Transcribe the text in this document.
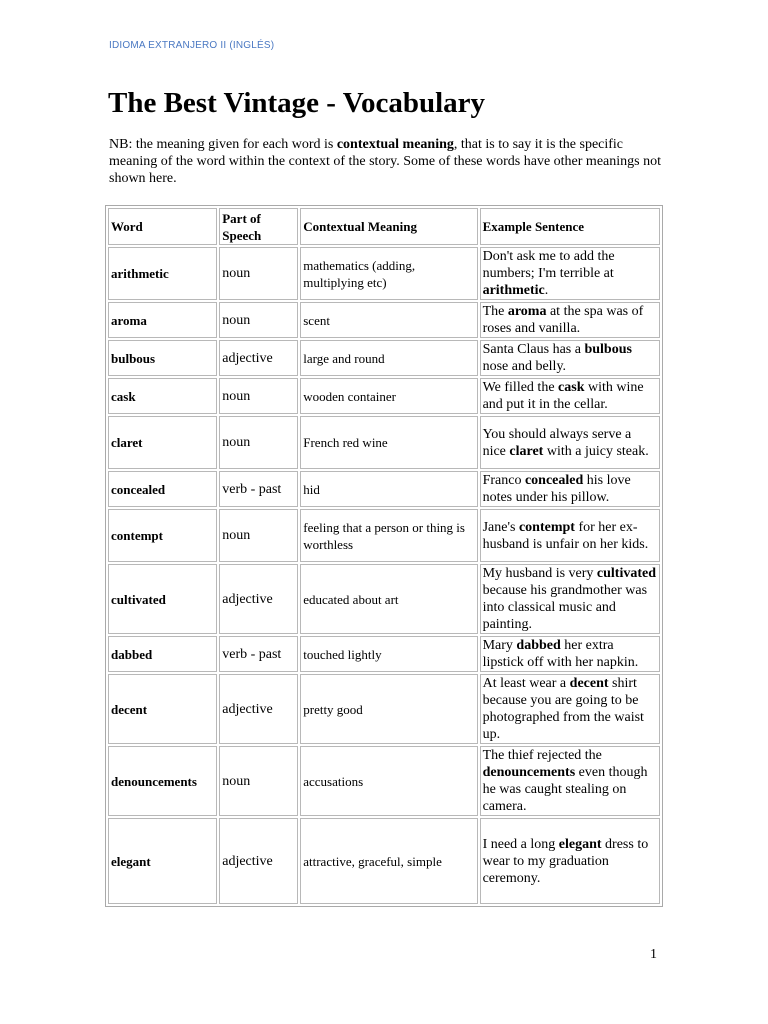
IDIOMA EXTRANJERO II (INGLÉS)
The Best Vintage - Vocabulary

NB: the meaning given for each word is contextual meaning, that is to say it is the specific meaning of the word within the context of the story. Some of these words have other meanings not shown here.

Word	Part of Speech	Contextual Meaning	Example Sentence
arithmetic	noun	mathematics (adding, multiplying etc)	Don't ask me to add the numbers; I'm terrible at arithmetic.
aroma	noun	scent	The aroma at the spa was of roses and vanilla.
bulbous	adjective	large and round	Santa Claus has a bulbous nose and belly.
cask	noun	wooden container	We filled the cask with wine and put it in the cellar.
claret	noun	French red wine	You should always serve a nice claret with a juicy steak.
concealed	verb - past	hid	Franco concealed his love notes under his pillow.
contempt	noun	feeling that a person or thing is worthless	Jane's contempt for her ex-husband is unfair on her kids.
cultivated	adjective	educated about art	My husband is very cultivated because his grandmother was into classical music and painting.
dabbed	verb - past	touched lightly	Mary dabbed her extra lipstick off with her napkin.
decent	adjective	pretty good	At least wear a decent shirt because you are going to be photographed from the waist up.
denouncements	noun	accusations	The thief rejected the denouncements even though he was caught stealing on camera.
elegant	adjective	attractive, graceful, simple	I need a long elegant dress to wear to my graduation ceremony.
1
